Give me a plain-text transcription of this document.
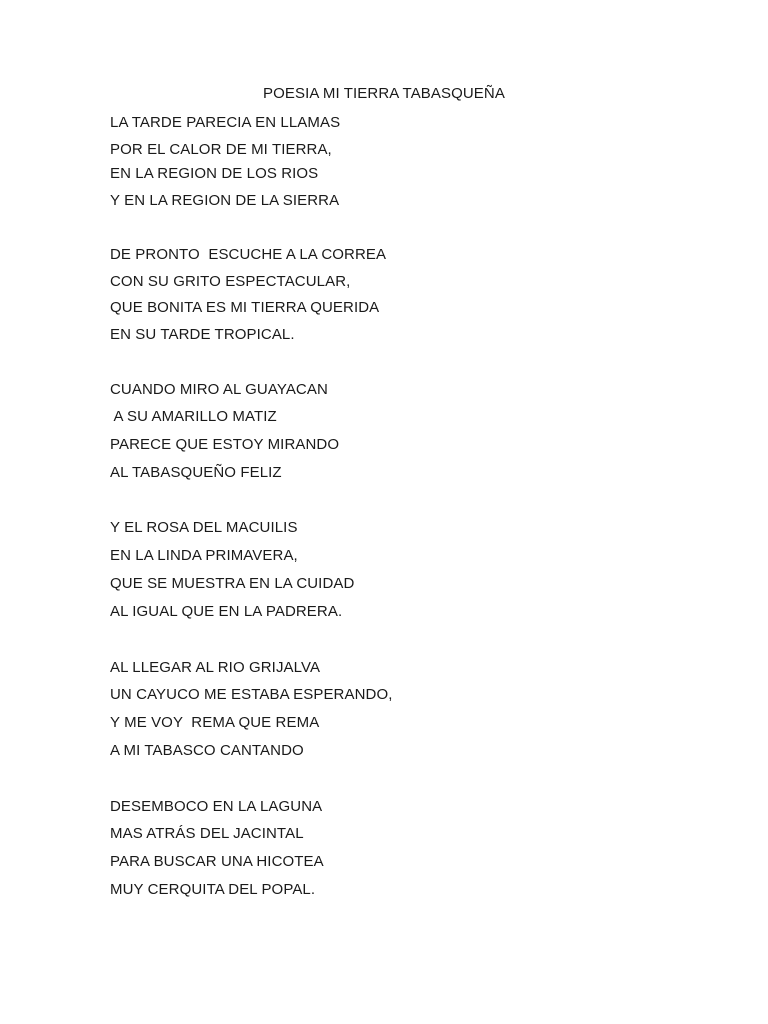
POESIA MI TIERRA TABASQUEÑA
LA TARDE PARECIA EN LLAMAS
POR EL CALOR DE MI TIERRA,
EN LA REGION DE LOS RIOS
Y EN LA REGION DE LA SIERRA
DE PRONTO  ESCUCHE A LA CORREA
CON SU GRITO ESPECTACULAR,
QUE BONITA ES MI TIERRA QUERIDA
EN SU TARDE TROPICAL.
CUANDO MIRO AL GUAYACAN
A SU AMARILLO MATIZ
PARECE QUE ESTOY MIRANDO
AL TABASQUEÑO FELIZ
Y EL ROSA DEL MACUILIS
EN LA LINDA PRIMAVERA,
QUE SE MUESTRA EN LA CUIDAD
AL IGUAL QUE EN LA PADRERA.
AL LLEGAR AL RIO GRIJALVA
UN CAYUCO ME ESTABA ESPERANDO,
Y ME VOY  REMA QUE REMA
A MI TABASCO CANTANDO
DESEMBOCO EN LA LAGUNA
MAS ATRÁS DEL JACINTAL
PARA BUSCAR UNA HICOTEA
MUY CERQUITA DEL POPAL.
